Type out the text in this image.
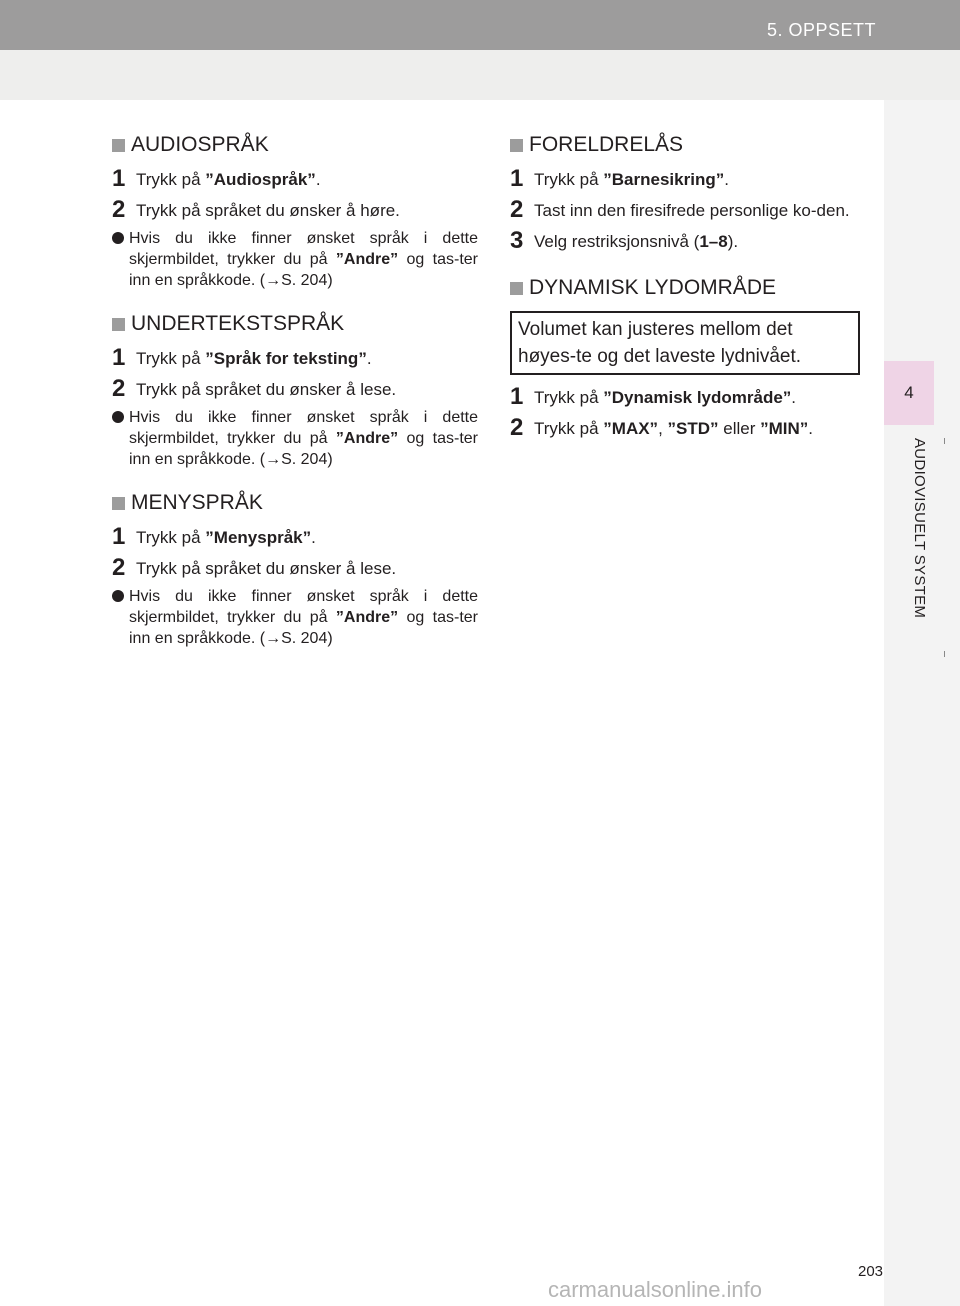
5. OPPSETT
4
AUDIOVISUELT SYSTEM
AUDIOSPRÅK
1 Trykk på ”Audiospråk”.
2 Trykk på språket du ønsker å høre.
Hvis du ikke finner ønsket språk i dette skjermbildet, trykker du på ”Andre” og tas-ter inn en språkkode. (→S. 204)
UNDERTEKSTSPRÅK
1 Trykk på ”Språk for teksting”.
2 Trykk på språket du ønsker å lese.
Hvis du ikke finner ønsket språk i dette skjermbildet, trykker du på ”Andre” og tas-ter inn en språkkode. (→S. 204)
MENYSPRÅK
1 Trykk på ”Menyspråk”.
2 Trykk på språket du ønsker å lese.
Hvis du ikke finner ønsket språk i dette skjermbildet, trykker du på ”Andre” og tas-ter inn en språkkode. (→S. 204)
FORELDRELÅS
1 Trykk på ”Barnesikring”.
2 Tast inn den firesifrede personlige ko-den.
3 Velg restriksjonsnivå (1–8).
DYNAMISK LYDOMRÅDE
Volumet kan justeres mellom det høyes-te og det laveste lydnivået.
1 Trykk på ”Dynamisk lydområde”.
2 Trykk på ”MAX”, ”STD” eller ”MIN”.
203
carmanualsonline.info
